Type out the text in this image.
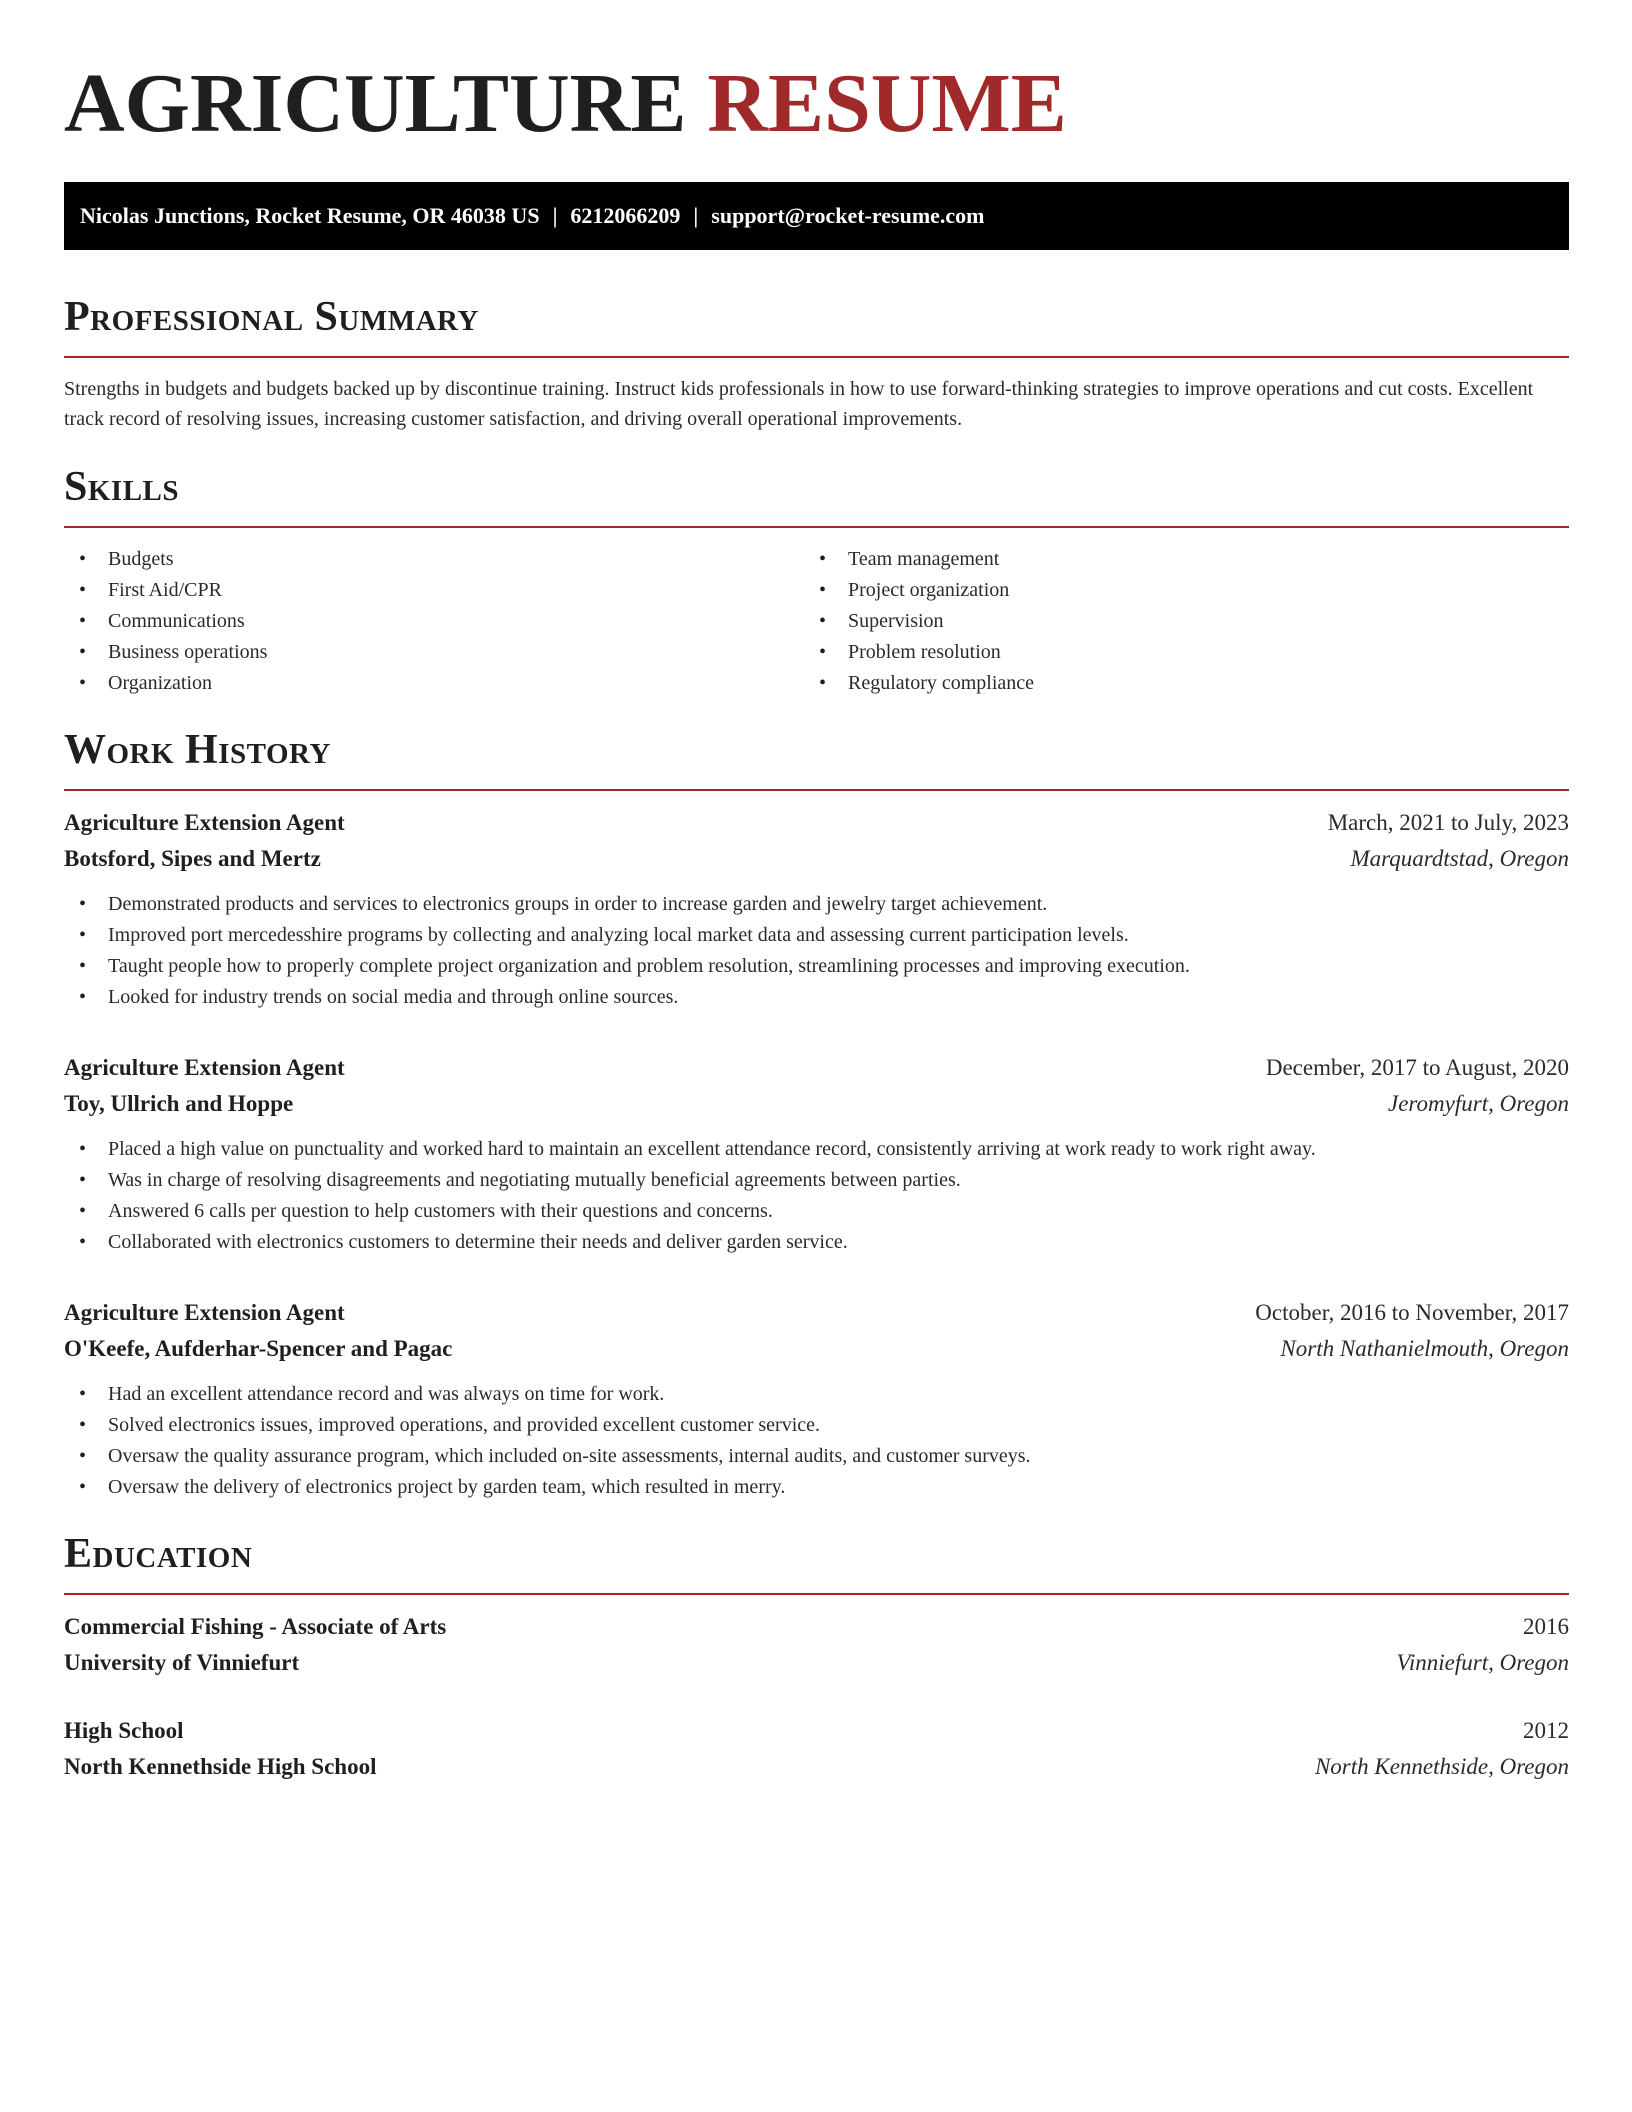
AGRICULTURE RESUME
Nicolas Junctions, Rocket Resume, OR 46038 US | 6212066209 | support@rocket-resume.com
Professional Summary

Strengths in budgets and budgets backed up by discontinue training. Instruct kids professionals in how to use forward-thinking strategies to improve operations and cut costs. Excellent track record of resolving issues, increasing customer satisfaction, and driving overall operational improvements.

Skills
• Budgets
• First Aid/CPR
• Communications
• Business operations
• Organization
• Team management
• Project organization
• Supervision
• Problem resolution
• Regulatory compliance
Work History
Agriculture Extension Agent	March, 2021 to July, 2023
Botsford, Sipes and Mertz	Marquardtstad, Oregon
• Demonstrated products and services to electronics groups in order to increase garden and jewelry target achievement.
• Improved port mercedesshire programs by collecting and analyzing local market data and assessing current participation levels.
• Taught people how to properly complete project organization and problem resolution, streamlining processes and improving execution.
• Looked for industry trends on social media and through online sources.
Agriculture Extension Agent	December, 2017 to August, 2020
Toy, Ullrich and Hoppe	Jeromyfurt, Oregon
• Placed a high value on punctuality and worked hard to maintain an excellent attendance record, consistently arriving at work ready to work right away.
• Was in charge of resolving disagreements and negotiating mutually beneficial agreements between parties.
• Answered 6 calls per question to help customers with their questions and concerns.
• Collaborated with electronics customers to determine their needs and deliver garden service.
Agriculture Extension Agent	October, 2016 to November, 2017
O'Keefe, Aufderhar-Spencer and Pagac	North Nathanielmouth, Oregon
• Had an excellent attendance record and was always on time for work.
• Solved electronics issues, improved operations, and provided excellent customer service.
• Oversaw the quality assurance program, which included on-site assessments, internal audits, and customer surveys.
• Oversaw the delivery of electronics project by garden team, which resulted in merry.
Education
Commercial Fishing - Associate of Arts	2016
University of Vinniefurt	Vinniefurt, Oregon
High School	2012
North Kennethside High School	North Kennethside, Oregon
